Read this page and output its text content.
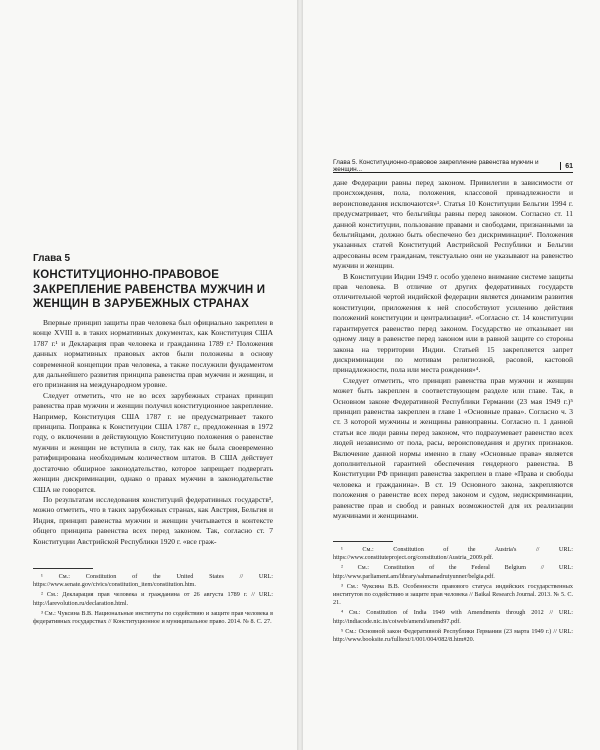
Глава 5
КОНСТИТУЦИОННО-ПРАВОВОЕ ЗАКРЕПЛЕНИЕ РАВЕНСТВА МУЖЧИН И ЖЕНЩИН В ЗАРУБЕЖНЫХ СТРАНАХ

Впервые принцип защиты прав человека был официально закреплен в конце XVIII в. в таких нормативных документах, как Конституция США 1787 г.¹ и Декларация прав человека и гражданина 1789 г.² Положения данных нормативных правовых актов были положены в основу современной концепции прав человека, а также послужили фундаментом для дальнейшего развития принципа равенства прав мужчин и женщин, и его признания на международном уровне.

Следует отметить, что не во всех зарубежных странах принцип равенства прав мужчин и женщин получил конституционное закрепление. Например, Конституция США 1787 г. не предусматривает такого принципа. Поправка к Конституции США 1787 г., предложенная в 1972 году, о включении в действующую Конституцию положения о равенстве мужчин и женщин не вступила в силу, так как не была своевременно ратифицирована необходимым количеством штатов. В США действует достаточно обширное законодательство, которое запрещает подвергать женщин дискриминации, однако о правах мужчин в законодательстве США не говорится.

По результатам исследования конституций федеративных государств³, можно отметить, что в таких зарубежных странах, как Австрия, Бельгия и Индия, принцип равенства мужчин и женщин учитывается в контексте общего принципа равенства всех перед законом. Так, согласно ст. 7 Конституции Австрийской Республики 1920 г. «все граж-

¹ См.: Constitution of the United States // URL: https://www.senate.gov/civics/constitution_item/constitution.htm.

² См.: Декларация прав человека и гражданина от 26 августа 1789 г. // URL: http://larevolution.ru/declaration.html.

³ См.: Чуксина В.В. Национальные институты по содействию и защите прав человека в федеративных государствах // Конституционное и муниципальное право. 2014. № 8. С. 27.

Глава 5. Конституционно-правовое закрепление равенства мужчин и женщин...	61

дане Федерации равны перед законом. Привилегии в зависимости от происхождения, пола, положения, классовой принадлежности и вероисповедания исключаются»¹. Статья 10 Конституции Бельгии 1994 г. предусматривает, что бельгийцы равны перед законом. Согласно ст. 11 данной конституции, пользование правами и свободами, признанными за бельгийцами, должно быть обеспечено без дискриминации². Положения указанных статей Конституций Австрийской Республики и Бельгии адресованы всем гражданам, текстуально они не указывают на равенство мужчин и женщин.

В Конституции Индии 1949 г. особо уделено внимание системе защиты прав человека. В отличие от других федеративных государств отличительной чертой индийской федерации является динамизм развития конституции, приложения к ней способствуют усилению действия положений конституции и централизации³. «Согласно ст. 14 конституции гарантируется равенство перед законом. Государство не отказывает ни одному лицу в равенстве перед законом или в равной защите со стороны закона на территории Индии. Статьей 15 закрепляется запрет дискриминации по мотивам религиозной, расовой, кастовой принадлежности, пола или места рождения»⁴.

Следует отметить, что принцип равенства прав мужчин и женщин может быть закреплен в соответствующем разделе или главе. Так, в Основном законе Федеративной Республики Германии (23 мая 1949 г.)⁵ принцип равенства закреплен в главе 1 «Основные права». Согласно ч. 3 ст. 3 которой мужчины и женщины равноправны. Согласно п. 1 данной статьи все люди равны перед законом, что подразумевает равенство всех людей независимо от пола, расы, вероисповедания и других признаков. Включение данной нормы именно в главу «Основные права» является дополнительной гарантией обеспечения гендерного равенства. В Конституции РФ принцип равенства закреплен в главе «Права и свободы человека и гражданина». В ст. 19 Основного закона, закрепляются положения о равенстве всех перед законом и судом, недискриминации, равенстве прав и свобод и равных возможностей для их реализации мужчинами и женщинами.

¹ См.: Constitution of the Austria's // URL: https://www.constituteproject.org/constitution/Austria_2009.pdf.

² См.: Constitution of the Federal Belgium // URL: http://www.parliament.am/library/sahmanadrutyunner/belgia.pdf.

³ См.: Чуксина В.В. Особенности правового статуса индийских государственных институтов по содействию и защите прав человека // Baikal Research Journal. 2013. № 5. С. 21.

⁴ См.: Constitution of India 1949 with Amendments through 2012 // URL: http://indiacode.nic.in/coiweb/amend/amend97.pdf.

⁵ См.: Основной закон Федеративной Республики Германии (23 марта 1949 г.) // URL: http://www.booksite.ru/fulltext/1/001/004/082/8.htm#20.
